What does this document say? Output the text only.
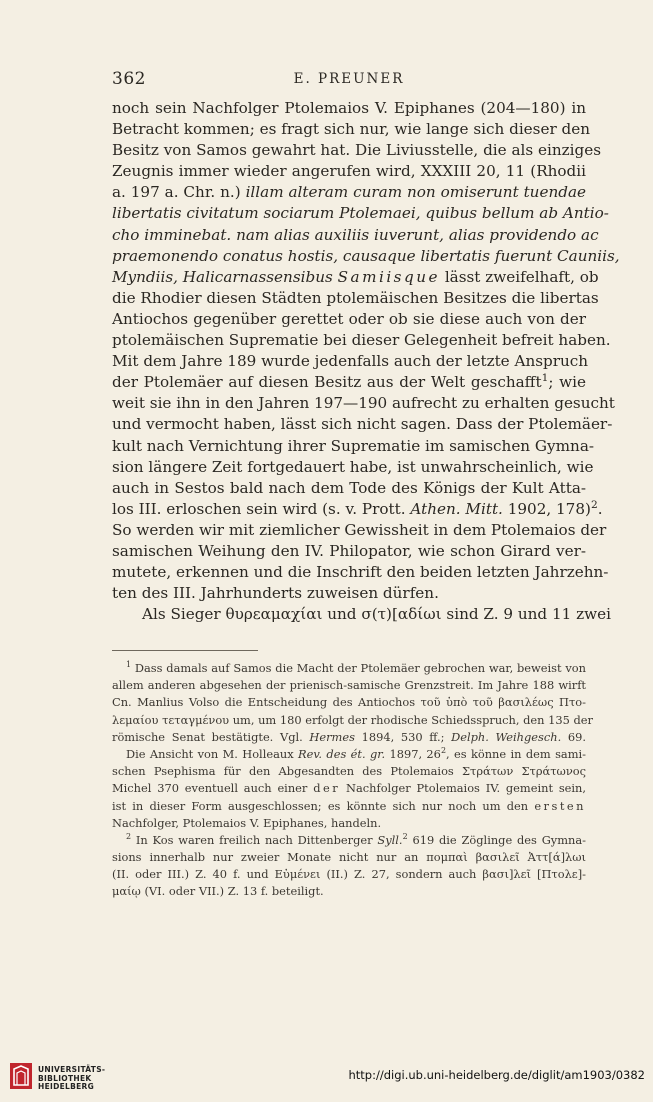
362	E. PREUNER
noch sein Nachfolger Ptolemaios V. Epiphanes (204—180) in
Betracht kommen; es fragt sich nur, wie lange sich dieser den
Besitz von Samos gewahrt hat. Die Liviusstelle, die als einziges
Zeugnis immer wieder angerufen wird, XXXIII 20, 11 (Rhodii
a. 197 a. Chr. n.) illam alteram curam non omiserunt tuendae
libertatis civitatum sociarum Ptolemaei, quibus bellum ab Antio-
cho imminebat. nam alias auxiliis iuverunt, alias providendo ac
praemonendo conatus hostis, causaque libertatis fuerunt Cauniis,
Myndiis, Halicarnassensibus Samiisque lässt zweifelhaft, ob
die Rhodier diesen Städten ptolemäischen Besitzes die libertas
Antiochos gegenüber gerettet oder ob sie diese auch von der
ptolemäischen Suprematie bei dieser Gelegenheit befreit haben.
Mit dem Jahre 189 wurde jedenfalls auch der letzte Anspruch
der Ptolemäer auf diesen Besitz aus der Welt geschafft$^1$; wie
weit sie ihn in den Jahren 197—190 aufrecht zu erhalten gesucht
und vermocht haben, lässt sich nicht sagen. Dass der Ptolemäer-
kult nach Vernichtung ihrer Suprematie im samischen Gymna-
sion längere Zeit fortgedauert habe, ist unwahrscheinlich, wie
auch in Sestos bald nach dem Tode des Königs der Kult Atta-
los III. erloschen sein wird (s. v. Prott. Athen. Mitt. 1902, 178)$^2$.
So werden wir mit ziemlicher Gewissheit in dem Ptolemaios der
samischen Weihung den IV. Philopator, wie schon Girard ver-
mutete, erkennen und die Inschrift den beiden letzten Jahrzehn-
ten des III. Jahrhunderts zuweisen dürfen.
Als Sieger θυρεαμαχίαι und σ(τ)[αδίωι sind Z. 9 und 11 zwei
$^1$ Dass damals auf Samos die Macht der Ptolemäer gebrochen war, beweist von
allem anderen abgesehen der prienisch-samische Grenzstreit. Im Jahre 188 wirft
Cn. Manlius Volso die Entscheidung des Antiochos τοῦ ὑπὸ τοῦ βασιλέως Πτο-
λεμαίου τεταγμένου um, um 180 erfolgt der rhodische Schiedsspruch, den 135 der
römische Senat bestätigte. Vgl. Hermes 1894, 530 ff.; Delph. Weihgesch. 69.
Die Ansicht von M. Holleaux Rev. des ét. gr. 1897, $26^2$, es könne in dem sami-
schen Psephisma für den Abgesandten des Ptolemaios Στράτων Στράτωνος
Michel 370 eventuell auch einer der Nachfolger Ptolemaios IV. gemeint sein,
ist in dieser Form ausgeschlossen; es könnte sich nur noch um den ersten
Nachfolger, Ptolemaios V. Epiphanes, handeln.
$^2$ In Kos waren freilich nach Dittenberger Syll.$^2$ 619 die Zöglinge des Gymna-
sions innerhalb nur zweier Monate nicht nur an πομπαὶ βασιλεῖ Ἀττ[ά]λωι
(II. oder III.) Z. 40 f. und Εὐμένει (II.) Z. 27, sondern auch βασι]λεῖ [Πτολε]-
μαίῳ (VI. oder VII.) Z. 13 f. beteiligt.
UNIVERSITÄTS-
BIBLIOTHEK
HEIDELBERG
http://digi.ub.uni-heidelberg.de/diglit/am1903/0382
